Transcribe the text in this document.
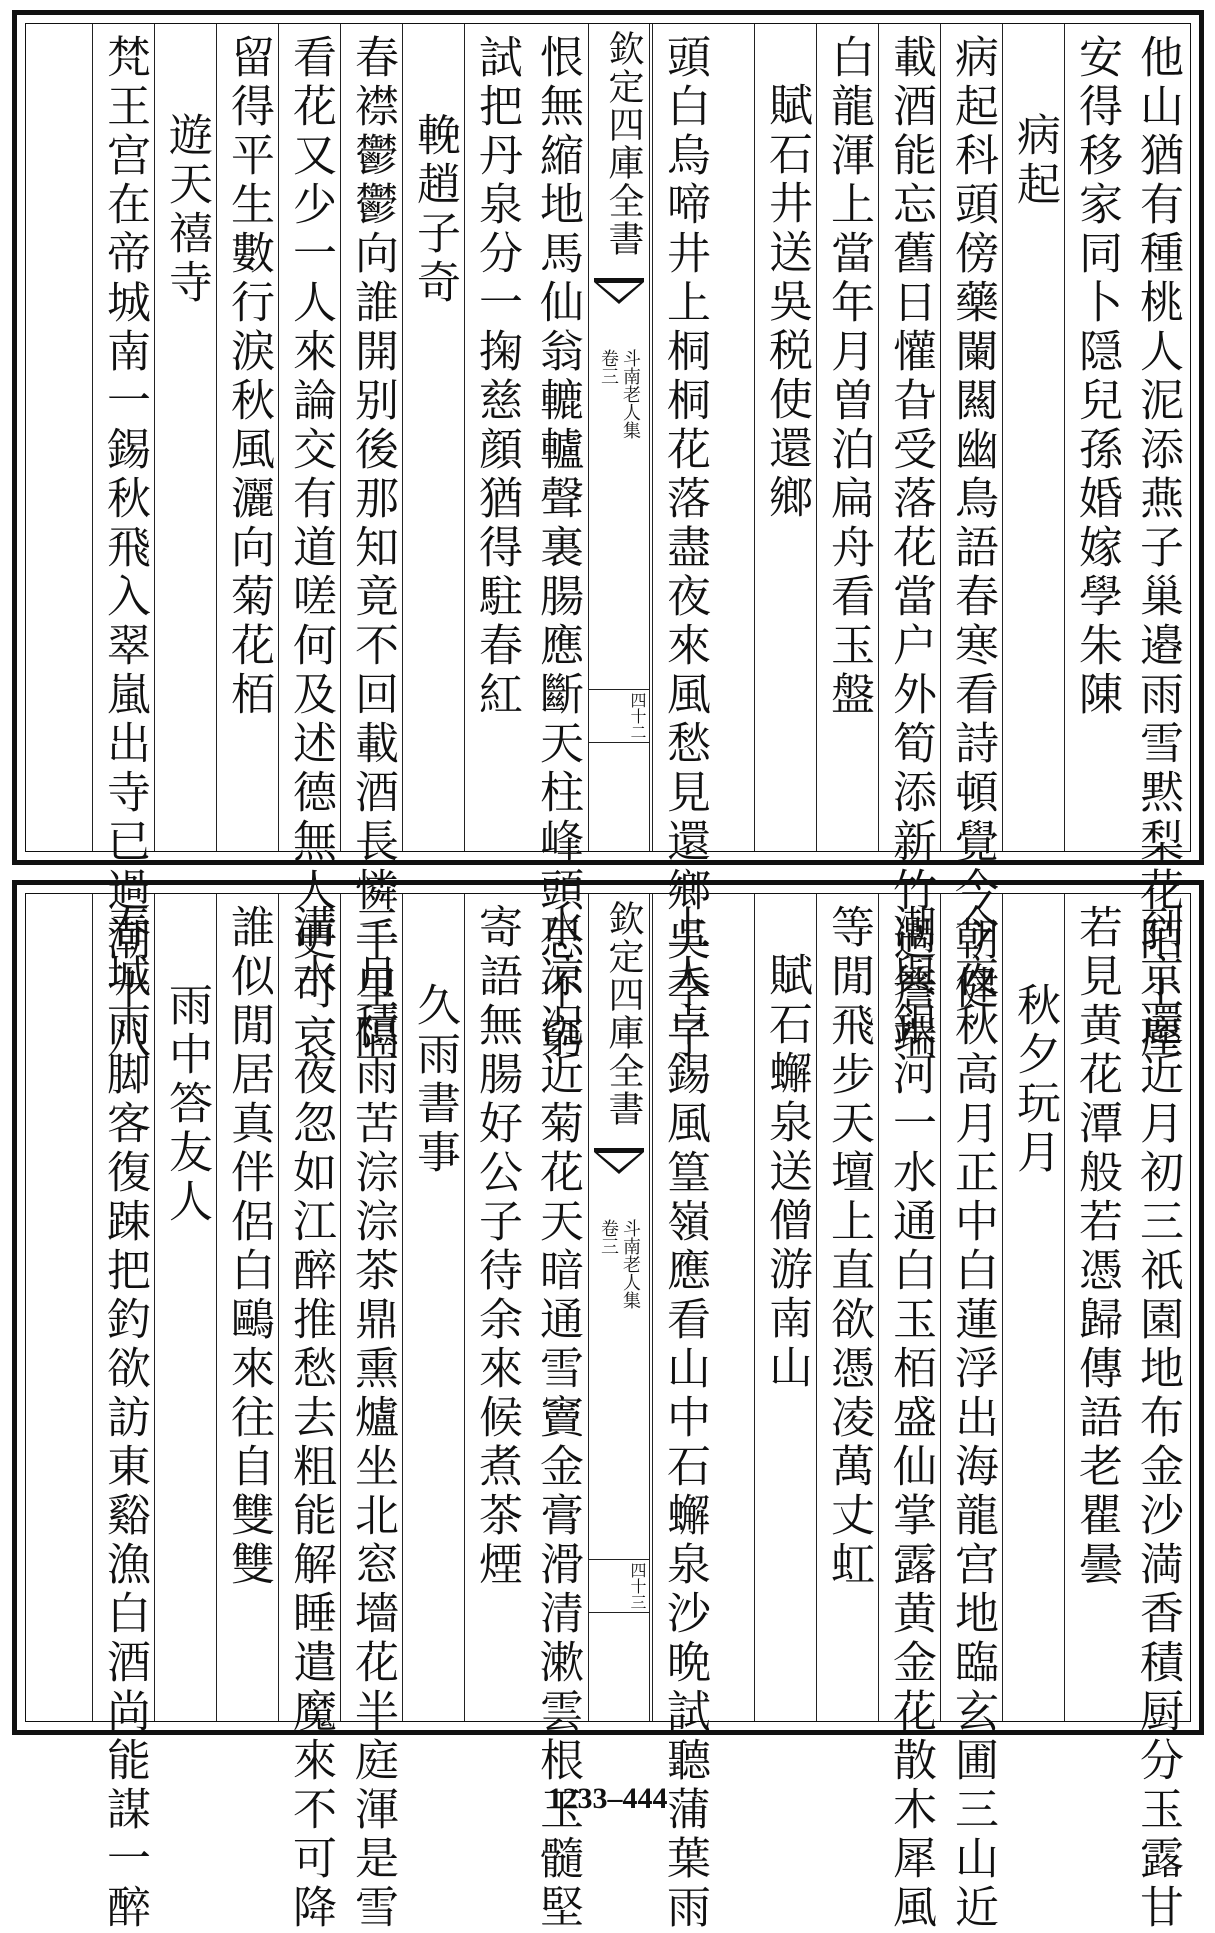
他山猶有種桃人泥添燕子巢邉雨雪黙梨花陌上塵
安得移家同卜隠兒孫婚嫁學朱陳
病起
病起科頭傍藥闌闗幽鳥語春寒看詩頓覺今朝健
載酒能忘舊日懽旮受落花當户外筍添新竹過簷端
白龍渾上當年月曽泊扁舟看玉盤
賦石井送吳税使還鄉
頭白烏啼井上桐桐花落盡夜來風愁見還鄉吳季子
欽定四庫全書
卷三 斗南老人集
四十二
恨無縮地馬仙翁轆轤聲裏腸應斷天柱峰頭思不窮
試把丹泉分一掬慈顔猶得駐春紅
輓趙子奇
春襟鬱鬱向誰開别後那知竟不回載酒長憐千里隔
看花又少一人來論交有道嗟何及述德無人更可哀
留得平生數行淚秋風灑向菊花栢
遊天禧寺
梵王宫在帝城南一錫秋飛入翠嵐出寺已過潮十八
到京還近月初三祇園地布金沙満香積厨分玉露甘
若見黄花潭般若憑歸傳語老瞿曇
秋夕玩月
今夜秋高月正中白蓮浮出海龍宫地臨玄圃三山近
潮與銀河一水通白玉栢盛仙掌露黄金花散木犀風
等閒飛步天壇上直欲憑凌萬丈虹
賦石蠏泉送僧游南山
上人卓錫風篁嶺應看山中石蠏泉沙晩試聽蒲葉雨
欽定四庫全書
卷三 斗南老人集
四十三
水凉况近菊花天暗通雪竇金膏滑清漱雲根玉髓堅
寄語無腸好公子待余來候煮茶煙
久雨書事
三月積雨苦淙淙茶鼎熏爐坐北窓墻花半庭渾是雪
溝水一夜忽如江醉推愁去粗能解睡遣魔來不可降
誰似閒居真伴侶白鷗來往自雙雙
雨中答友人
春城雨脚客復踈把釣欲訪東谿漁白酒尚能謀一醉	1233–444
